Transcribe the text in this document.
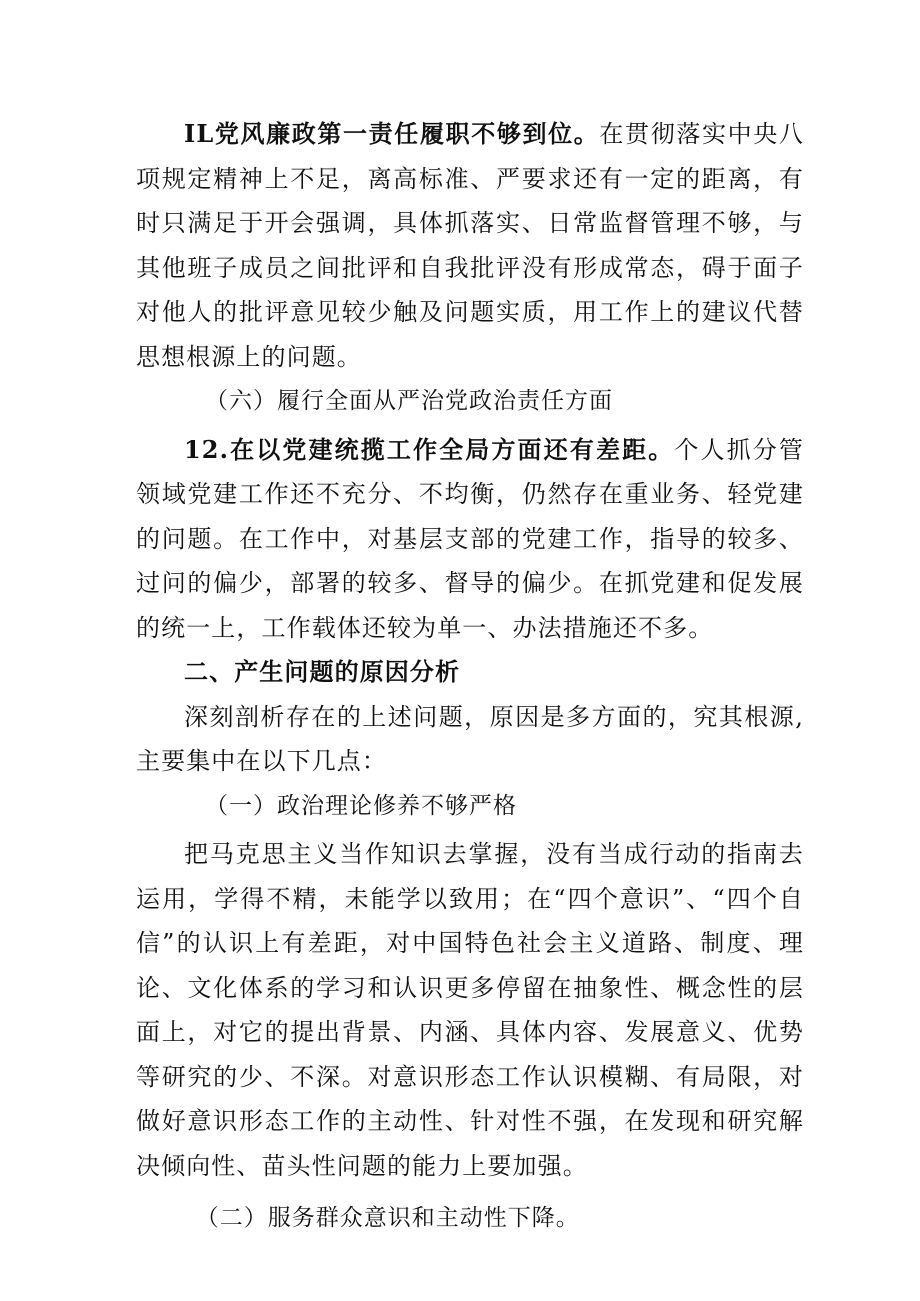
IL党风廉政第一责任履职不够到位。在贯彻落实中央八项规定精神上不足，离高标准、严要求还有一定的距离，有时只满足于开会强调，具体抓落实、日常监督管理不够，与其他班子成员之间批评和自我批评没有形成常态，碍于面子对他人的批评意见较少触及问题实质，用工作上的建议代替思想根源上的问题。

（六）履行全面从严治党政治责任方面

12.在以党建统揽工作全局方面还有差距。个人抓分管领域党建工作还不充分、不均衡，仍然存在重业务、轻党建的问题。在工作中，对基层支部的党建工作，指导的较多、过问的偏少，部署的较多、督导的偏少。在抓党建和促发展的统一上，工作载体还较为单一、办法措施还不多。

二、产生问题的原因分析

深刻剖析存在的上述问题，原因是多方面的，究其根源,主要集中在以下几点：

（一）政治理论修养不够严格

把马克思主义当作知识去掌握，没有当成行动的指南去运用，学得不精，未能学以致用；在“四个意识”、“四个自信”的认识上有差距，对中国特色社会主义道路、制度、理论、文化体系的学习和认识更多停留在抽象性、概念性的层面上，对它的提出背景、内涵、具体内容、发展意义、优势等研究的少、不深。对意识形态工作认识模糊、有局限，对做好意识形态工作的主动性、针对性不强，在发现和研究解决倾向性、苗头性问题的能力上要加强。

（二）服务群众意识和主动性下降。
